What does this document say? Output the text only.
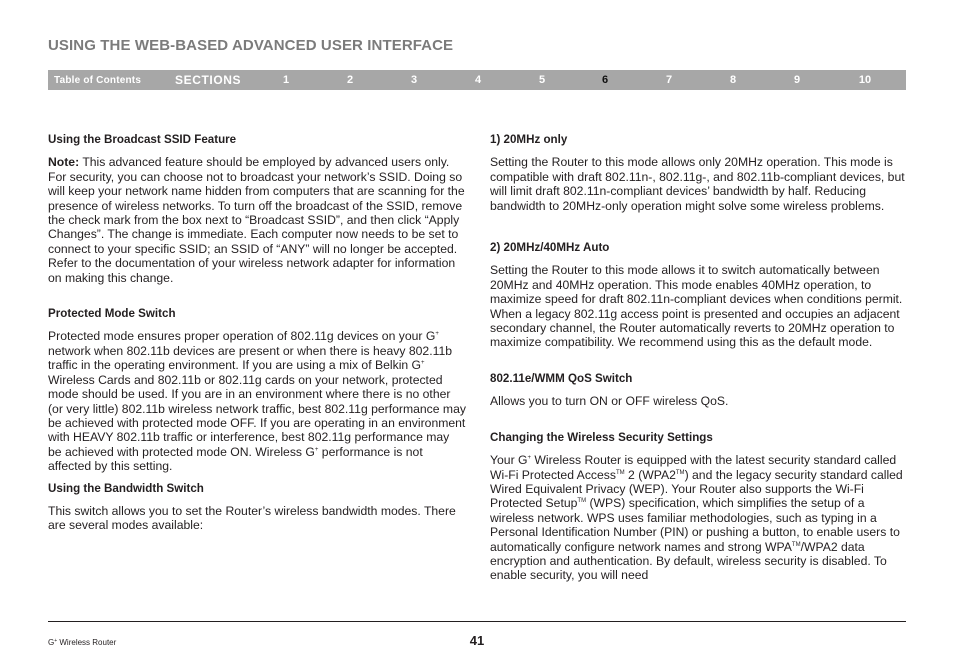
USING THE WEB-BASED ADVANCED USER INTERFACE
Table of Contents	SECTIONS	1	2	3	4	5	6	7	8	9	10
Using the Broadcast SSID Feature

Note: This advanced feature should be employed by advanced users only. For security, you can choose not to broadcast your network’s SSID. Doing so will keep your network name hidden from computers that are scanning for the presence of wireless networks. To turn off the broadcast of the SSID, remove the check mark from the box next to “Broadcast SSID”, and then click “Apply Changes”. The change is immediate. Each computer now needs to be set to connect to your specific SSID; an SSID of “ANY” will no longer be accepted. Refer to the documentation of your wireless network adapter for information on making this change.

Protected Mode Switch

Protected mode ensures proper operation of 802.11g devices on your G+ network when 802.11b devices are present or when there is heavy 802.11b traffic in the operating environment. If you are using a mix of Belkin G+ Wireless Cards and 802.11b or 802.11g cards on your network, protected mode should be used. If you are in an environment where there is no other (or very little) 802.11b wireless network traffic, best 802.11g performance may be achieved with protected mode OFF. If you are operating in an environment with HEAVY 802.11b traffic or interference, best 802.11g performance may be achieved with protected mode ON. Wireless G+ performance is not affected by this setting.

Using the Bandwidth Switch

This switch allows you to set the Router’s wireless bandwidth modes. There are several modes available:

1) 20MHz only

Setting the Router to this mode allows only 20MHz operation. This mode is compatible with draft 802.11n-, 802.11g-, and 802.11b-compliant devices, but will limit draft 802.11n-compliant devices’ bandwidth by half. Reducing bandwidth to 20MHz-only operation might solve some wireless problems.

2) 20MHz/40MHz Auto

Setting the Router to this mode allows it to switch automatically between 20MHz and 40MHz operation. This mode enables 40MHz operation, to maximize speed for draft 802.11n-compliant devices when conditions permit. When a legacy 802.11g access point is presented and occupies an adjacent secondary channel, the Router automatically reverts to 20MHz operation to maximize compatibility. We recommend using this as the default mode.

802.11e/WMM QoS Switch

Allows you to turn ON or OFF wireless QoS.

Changing the Wireless Security Settings

Your G+ Wireless Router is equipped with the latest security standard called Wi-Fi Protected Access™ 2 (WPA2™) and the legacy security standard called Wired Equivalent Privacy (WEP). Your Router also supports the Wi-Fi Protected Setup™ (WPS) specification, which simplifies the setup of a wireless network. WPS uses familiar methodologies, such as typing in a Personal Identification Number (PIN) or pushing a button, to enable users to automatically configure network names and strong WPA™/WPA2 data encryption and authentication. By default, wireless security is disabled. To enable security, you will need

G+ Wireless Router	41
